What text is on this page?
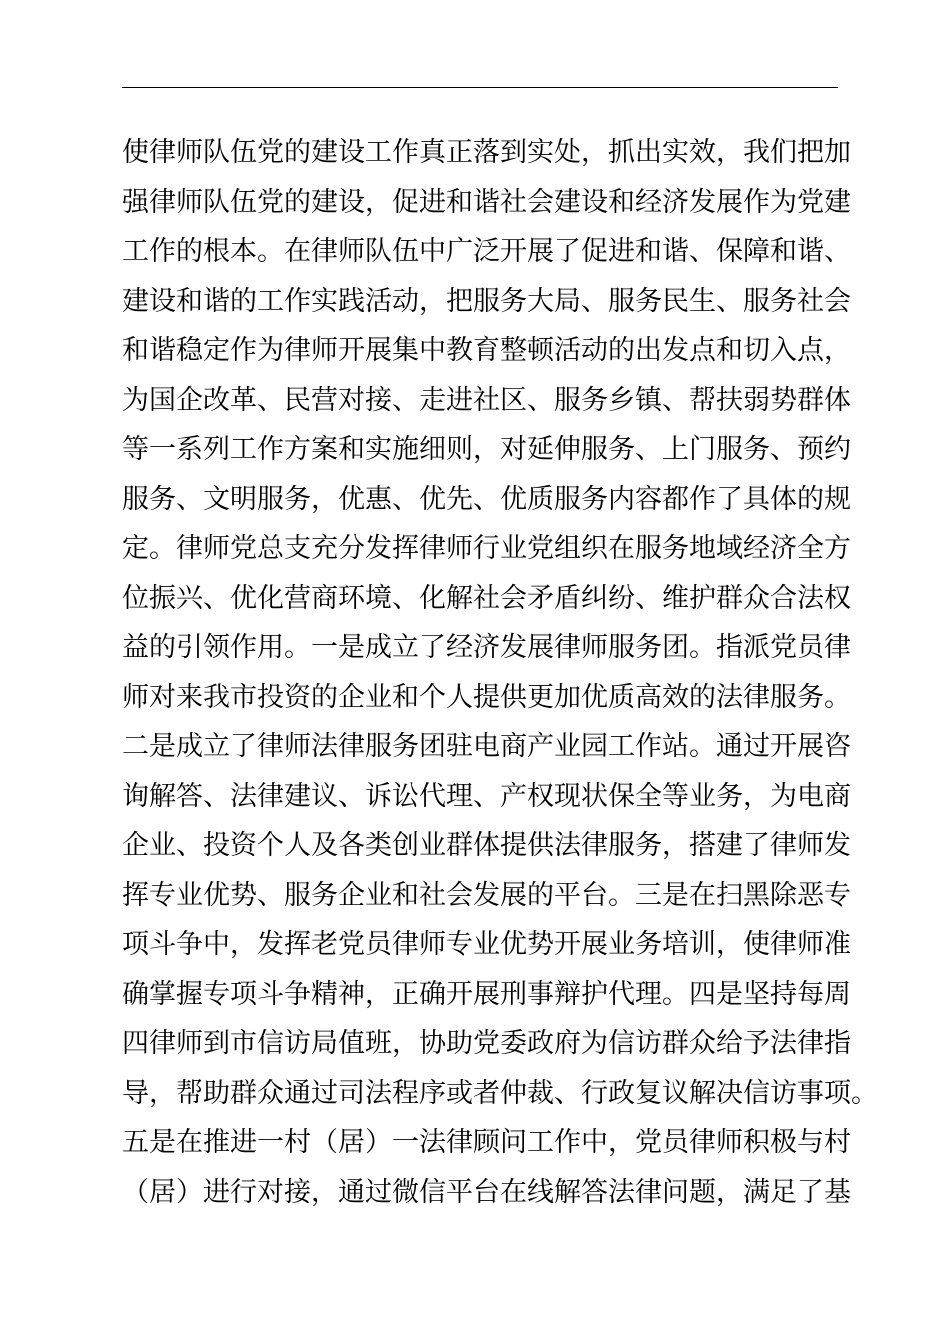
使律师队伍党的建设工作真正落到实处，抓出实效，我们把加
强律师队伍党的建设，促进和谐社会建设和经济发展作为党建
工作的根本。在律师队伍中广泛开展了促进和谐、保障和谐、
建设和谐的工作实践活动，把服务大局、服务民生、服务社会
和谐稳定作为律师开展集中教育整顿活动的出发点和切入点，
为国企改革、民营对接、走进社区、服务乡镇、帮扶弱势群体
等一系列工作方案和实施细则，对延伸服务、上门服务、预约
服务、文明服务，优惠、优先、优质服务内容都作了具体的规
定。律师党总支充分发挥律师行业党组织在服务地域经济全方
位振兴、优化营商环境、化解社会矛盾纠纷、维护群众合法权
益的引领作用。一是成立了经济发展律师服务团。指派党员律
师对来我市投资的企业和个人提供更加优质高效的法律服务。
二是成立了律师法律服务团驻电商产业园工作站。通过开展咨
询解答、法律建议、诉讼代理、产权现状保全等业务，为电商
企业、投资个人及各类创业群体提供法律服务，搭建了律师发
挥专业优势、服务企业和社会发展的平台。三是在扫黑除恶专
项斗争中，发挥老党员律师专业优势开展业务培训，使律师准
确掌握专项斗争精神，正确开展刑事辩护代理。四是坚持每周
四律师到市信访局值班，协助党委政府为信访群众给予法律指
导，帮助群众通过司法程序或者仲裁、行政复议解决信访事项。
五是在推进一村（居）一法律顾问工作中，党员律师积极与村
（居）进行对接，通过微信平台在线解答法律问题，满足了基
